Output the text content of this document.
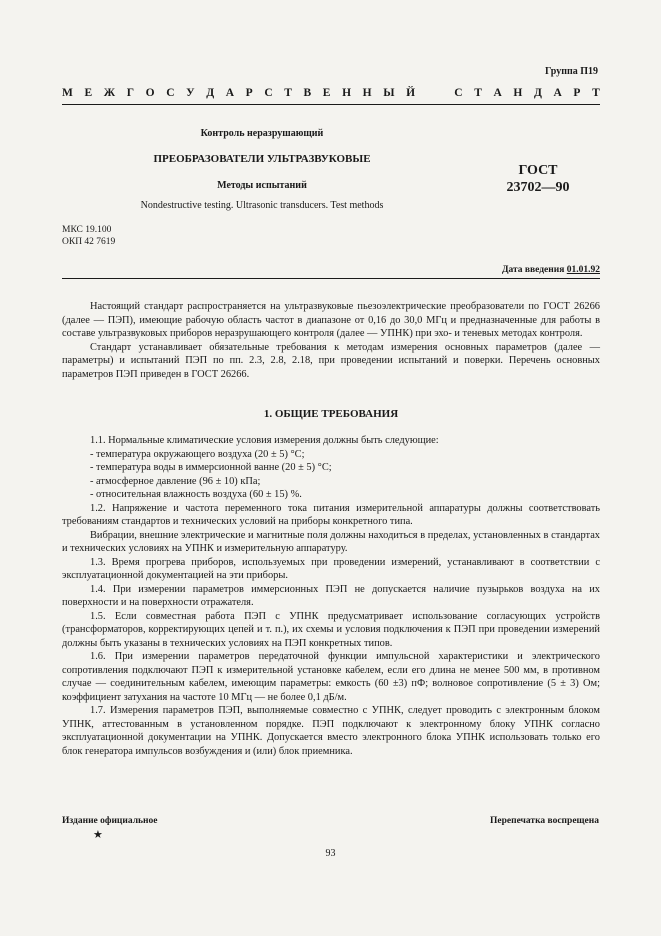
Группа П19
М Е Ж Г О С У Д А Р С Т В Е Н Н Ы Й	С Т А Н Д А Р Т
Контроль неразрушающий
ПРЕОБРАЗОВАТЕЛИ УЛЬТРАЗВУКОВЫЕ
Методы испытаний
Nondestructive testing. Ultrasonic transducers. Test methods
ГОСТ
23702—90
МКС 19.100
ОКП 42 7619
Дата введения 01.01.92

Настоящий стандарт распространяется на ультразвуковые пьезоэлектрические преобразователи по ГОСТ 26266 (далее — ПЭП), имеющие рабочую область частот в диапазоне от 0,16 до 30,0 МГц и предназначенные для работы в составе ультразвуковых приборов неразрушающего контроля (далее — УПНК) при эхо- и теневых методах контроля.

Стандарт устанавливает обязательные требования к методам измерения основных параметров (далее — параметры) и испытаний ПЭП по пп. 2.3, 2.8, 2.18, при проведении испытаний и поверки. Перечень основных параметров ПЭП приведен в ГОСТ 26266.

1. ОБЩИЕ ТРЕБОВАНИЯ

1.1. Нормальные климатические условия измерения должны быть следующие:

- температура окружающего воздуха (20 ± 5) °С;

- температура воды в иммерсионной ванне (20 ± 5) °С;

- атмосферное давление (96 ± 10) кПа;

- относительная влажность воздуха (60 ± 15) %.

1.2. Напряжение и частота переменного тока питания измерительной аппаратуры должны соответствовать требованиям стандартов и технических условий на приборы конкретного типа.

Вибрации, внешние электрические и магнитные поля должны находиться в пределах, установленных в стандартах и технических условиях на УПНК и измерительную аппаратуру.

1.3. Время прогрева приборов, используемых при проведении измерений, устанавливают в соответствии с эксплуатационной документацией на эти приборы.

1.4. При измерении параметров иммерсионных ПЭП не допускается наличие пузырьков воздуха на их поверхности и на поверхности отражателя.

1.5. Если совместная работа ПЭП с УПНК предусматривает использование согласующих устройств (трансформаторов, корректирующих цепей и т. п.), их схемы и условия подключения к ПЭП при проведении измерений должны быть указаны в технических условиях на ПЭП конкретных типов.

1.6. При измерении параметров передаточной функции импульсной характеристики и электрического сопротивления подключают ПЭП к измерительной установке кабелем, если его длина не менее 500 мм, в противном случае — соединительным кабелем, имеющим параметры: емкость (60 ±3) пФ; волновое сопротивление (5 ± 3) Ом; коэффициент затухания на частоте 10 МГц — не более 0,1 дБ/м.

1.7. Измерения параметров ПЭП, выполняемые совместно с УПНК, следует проводить с электронным блоком УПНК, аттестованным в установленном порядке. ПЭП подключают к электронному блоку УПНК согласно эксплуатационной документации на УПНК. Допускается вместо электронного блока УПНК использовать только его блок генератора импульсов возбуждения и (или) блок приемника.

Издание официальное
★
Перепечатка воспрещена
93
